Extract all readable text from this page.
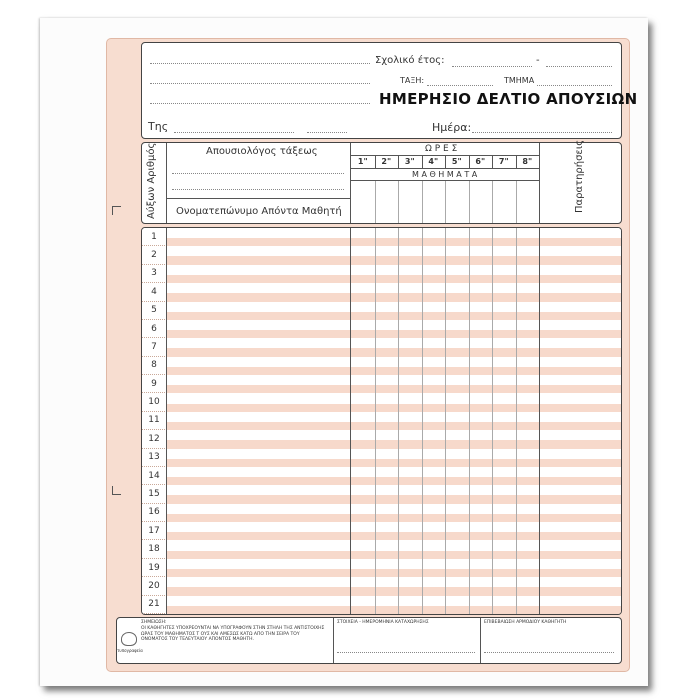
Σχολικό έτος:	-
ΤΑΞΗ:	ΤΜΗΜΑ
ΗΜΕΡΗΣΙΟ ΔΕΛΤΙΟ ΑΠΟΥΣΙΩΝ
Της	Ημέρα:
Αύξων Αριθμός	Απουσιολόγος τάξεως
Ονοματεπώνυμο Απόντα Μαθητή
Ω Ρ Ε Σ
Μ Α Θ Η Μ Α Τ Α
1"	2"	3"	4"	5"	6"	7"	8"	Παρατηρήσεις
1
2
3
4
5
6
7
8
9
10
11
12
13
14
15
16
17
18
19
20
21
τυπογραφεία
ΣΗΜΕΙΩΣΗ:
ΟΙ ΚΑΘΗΓΗΤΕΣ ΥΠΟΧΡΕΟΥΝΤΑΙ ΝΑ ΥΠΟΓΡΑΦΟΥΝ ΣΤΗΝ ΣΤΗΛΗ ΤΗΣ ΑΝΤΙΣΤΟΙΧΗΣ ΩΡΑΣ ΤΟΥ ΜΑΘΗΜΑΤΟΣ Τ ΟΥΣ ΚΑΙ ΑΜΕΣΩΣ ΚΑΤΩ ΑΠΟ ΤΗΝ ΣΕΙΡΑ ΤΟΥ ΟΝΟΜΑΤΟΣ ΤΟΥ ΤΕΛΕΥΤΑΙΟΥ ΑΠΟΝΤΟΣ ΜΑΘΗΤΗ.
ΣΤΟΙΧΕΙΑ - ΗΜΕΡΟΜΗΝΙΑ ΚΑΤΑΧΩΡΗΣΗΣ	ΕΠΙΒΕΒΑΙΩΣΗ ΑΡΜΟΔΙΟΥ ΚΑΘΗΓΗΤΗ
